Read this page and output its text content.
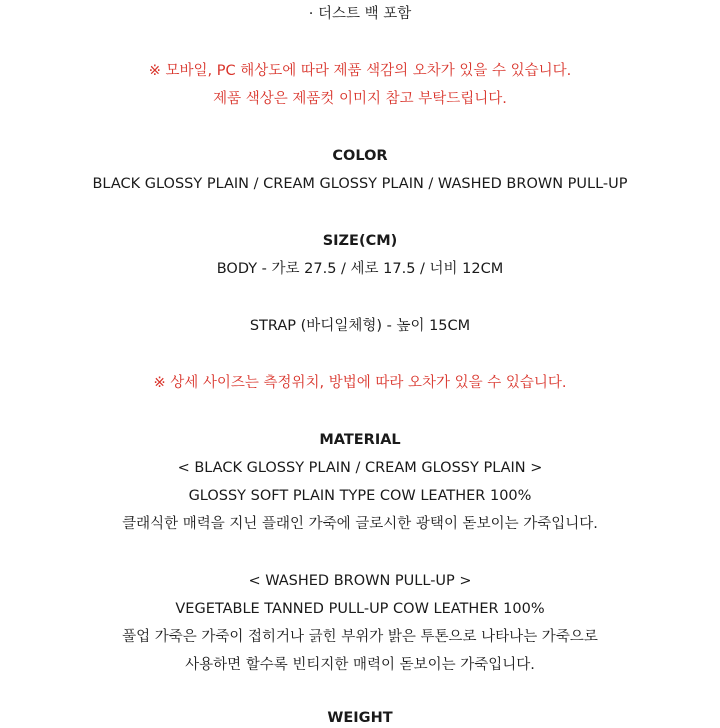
· 더스트 백 포함
※ 모바일, PC 해상도에 따라 제품 색감의 오차가 있을 수 있습니다.
제품 색상은 제품컷 이미지 참고 부탁드립니다.
COLOR
BLACK GLOSSY PLAIN / CREAM GLOSSY PLAIN / WASHED BROWN PULL-UP
SIZE(CM)
BODY - 가로 27.5 / 세로 17.5 / 너비 12CM
STRAP (바디일체형) - 높이 15CM
※ 상세 사이즈는 측정위치, 방법에 따라 오차가 있을 수 있습니다.
MATERIAL
< BLACK GLOSSY PLAIN / CREAM GLOSSY PLAIN >
GLOSSY SOFT PLAIN TYPE COW LEATHER 100%
클래식한 매력을 지닌 플래인 가죽에 글로시한 광택이 돋보이는 가죽입니다.
< WASHED BROWN PULL-UP >
VEGETABLE TANNED PULL-UP COW LEATHER 100%
풀업 가죽은 가죽이 접히거나 긁힌 부위가 밝은 투톤으로 나타나는 가죽으로
사용하면 할수록 빈티지한 매력이 돋보이는 가죽입니다.
WEIGHT
